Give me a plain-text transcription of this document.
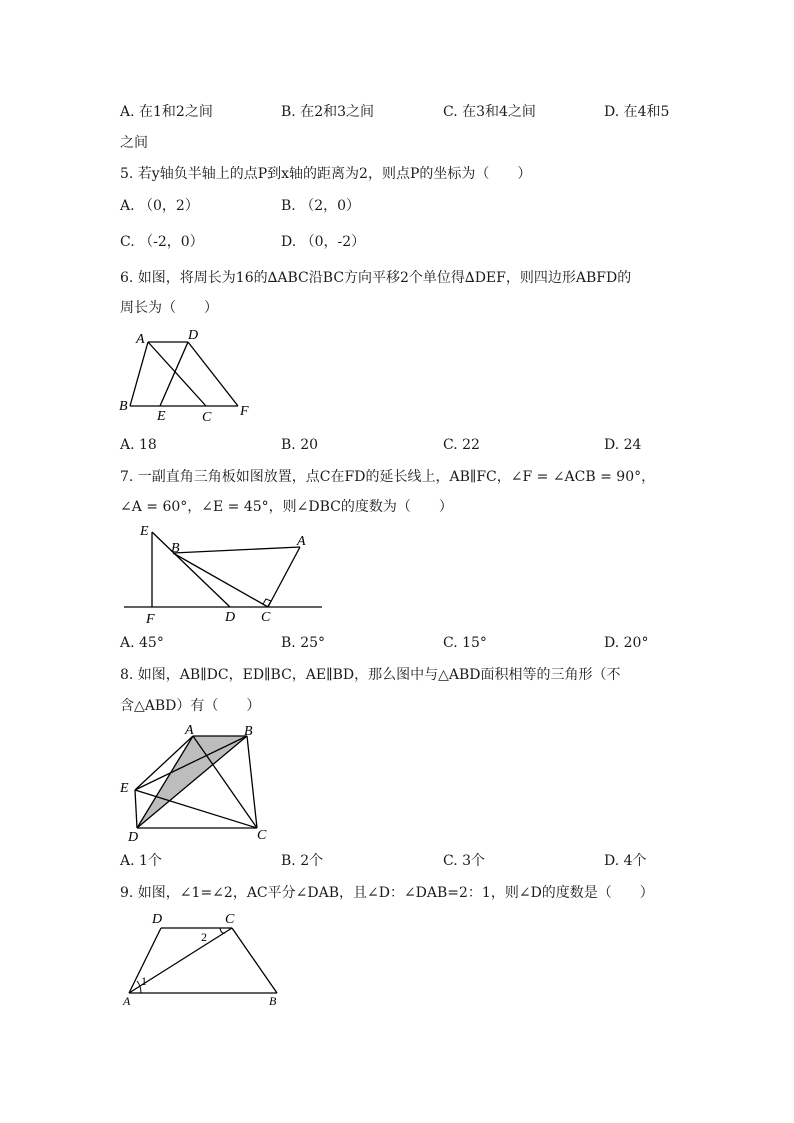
A. 在1和2之间	B. 在2和3之间	C. 在3和4之间	D. 在4和5
之间
5. 若y轴负半轴上的点P到x轴的距离为2，则点P的坐标为（　　）
A. （0，2）	B. （2，0）
C. （-2，0）	D. （0，-2）
6. 如图，将周长为16的∆ABC沿BC方向平移2个单位得∆DEF，则四边形ABFD的
周长为（　　）
A	D
B
E	C F
A. 18	B. 20	C. 22	D. 24
7. 一副直角三角板如图放置，点C在FD的延长线上，AB∥FC，∠F = ∠ACB = 90°，
∠A = 60°，∠E = 45°，则∠DBC的度数为（　　）
E
B	A
F	D C
A. 45°	B. 25°	C. 15°	D. 20°
8. 如图，AB∥DC，ED∥BC，AE∥BD，那么图中与△ABD面积相等的三角形（不
含△ABD）有（　　）
A	B
E
D	C
A. 1个	B. 2个	C. 3个	D. 4个
9. 如图，∠1=∠2，AC平分∠DAB，且∠D：∠DAB=2：1，则∠D的度数是（　　）
D	C
2
1
A	B
